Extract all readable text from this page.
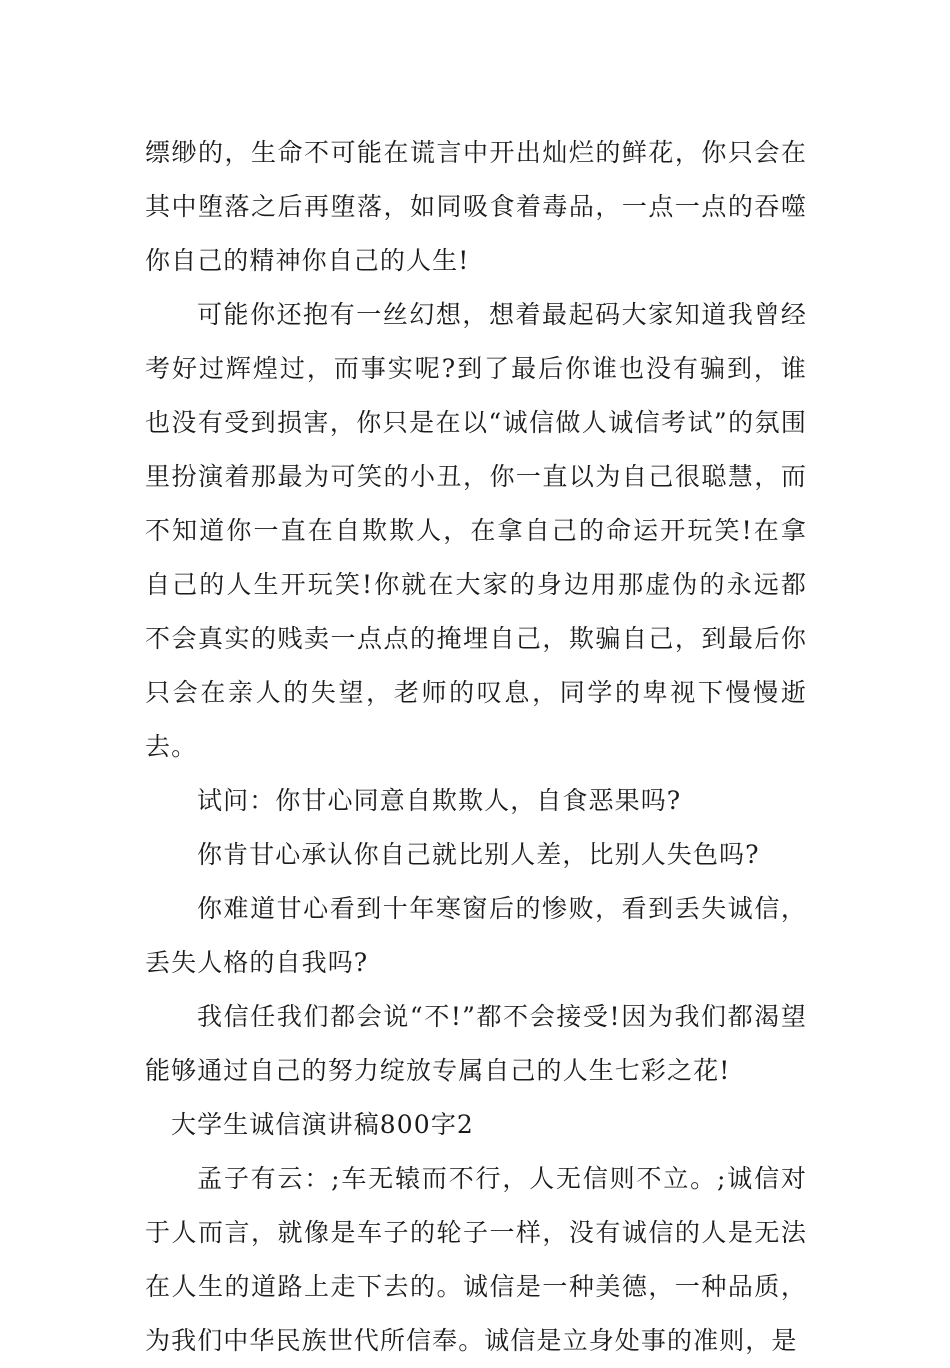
缥缈的，生命不可能在谎言中开出灿烂的鲜花，你只会在其中堕落之后再堕落，如同吸食着毒品，一点一点的吞噬你自己的精神你自己的人生!

可能你还抱有一丝幻想，想着最起码大家知道我曾经考好过辉煌过，而事实呢?到了最后你谁也没有骗到，谁也没有受到损害，你只是在以“诚信做人诚信考试”的氛围里扮演着那最为可笑的小丑，你一直以为自己很聪慧，而不知道你一直在自欺欺人，在拿自己的命运开玩笑!在拿自己的人生开玩笑!你就在大家的身边用那虚伪的永远都不会真实的贱卖一点点的掩埋自己，欺骗自己，到最后你只会在亲人的失望，老师的叹息，同学的卑视下慢慢逝去。

试问：你甘心同意自欺欺人，自食恶果吗?

你肯甘心承认你自己就比别人差，比别人失色吗?

你难道甘心看到十年寒窗后的惨败，看到丢失诚信，丢失人格的自我吗?

我信任我们都会说“不!”都不会接受!因为我们都渴望能够通过自己的努力绽放专属自己的人生七彩之花!

大学生诚信演讲稿800字2

孟子有云：;车无辕而不行，人无信则不立。;诚信对于人而言，就像是车子的轮子一样，没有诚信的人是无法在人生的道路上走下去的。诚信是一种美德，一种品质，为我们中华民族世代所信奉。诚信是立身处事的准则，是
